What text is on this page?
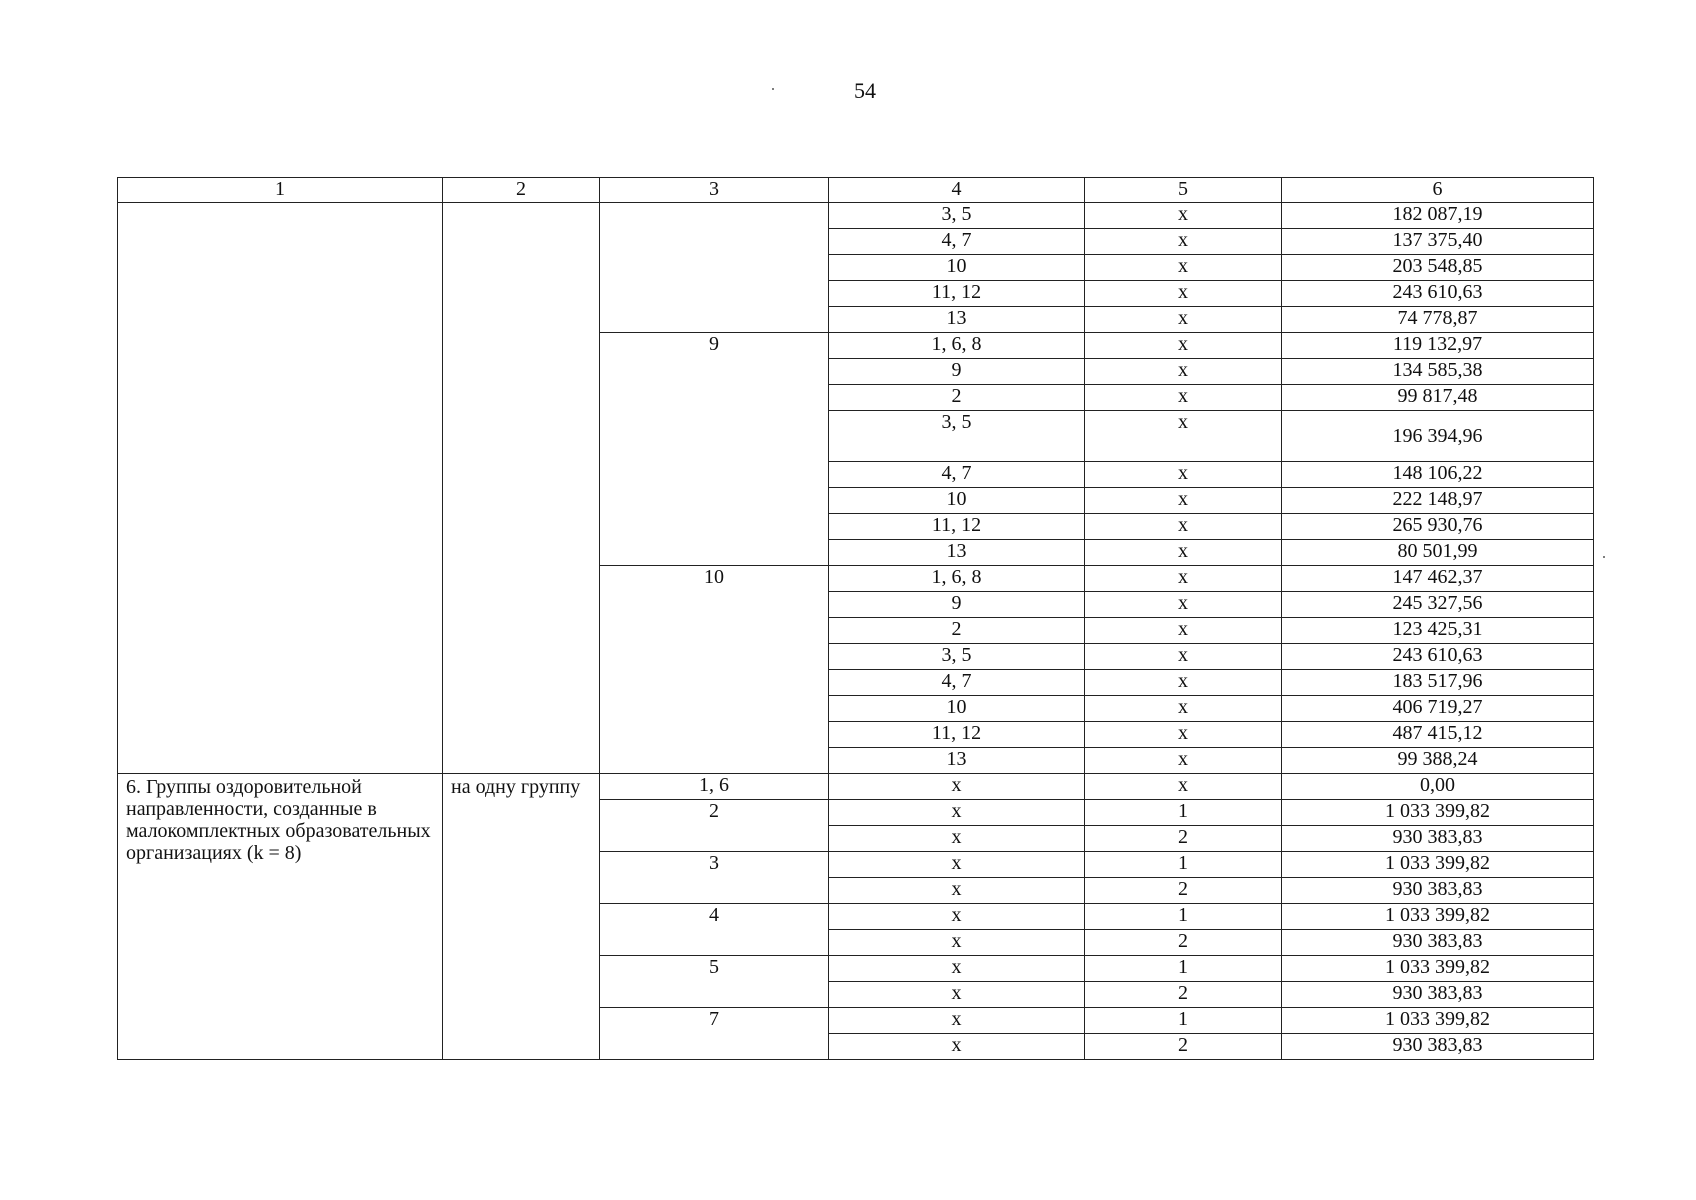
54
1	2	3	4	5	6
			3, 5	x	182 087,19
			4, 7	x	137 375,40
			10	x	203 548,85
			11, 12	x	243 610,63
			13	x	74 778,87
		9	1, 6, 8	x	119 132,97
			9	x	134 585,38
			2	x	99 817,48
			3, 5	x	196 394,96
			4, 7	x	148 106,22
			10	x	222 148,97
			11, 12	x	265 930,76
			13	x	80 501,99
		10	1, 6, 8	x	147 462,37
			9	x	245 327,56
			2	x	123 425,31
			3, 5	x	243 610,63
			4, 7	x	183 517,96
			10	x	406 719,27
			11, 12	x	487 415,12
			13	x	99 388,24
6. Группы оздоровительной направленности, созданные в малокомплектных образовательных организациях (k = 8)	на одну группу	1, 6	x	x	0,00
		2	x	1	1 033 399,82
			x	2	930 383,83
		3	x	1	1 033 399,82
			x	2	930 383,83
		4	x	1	1 033 399,82
			x	2	930 383,83
		5	x	1	1 033 399,82
			x	2	930 383,83
		7	x	1	1 033 399,82
			x	2	930 383,83
